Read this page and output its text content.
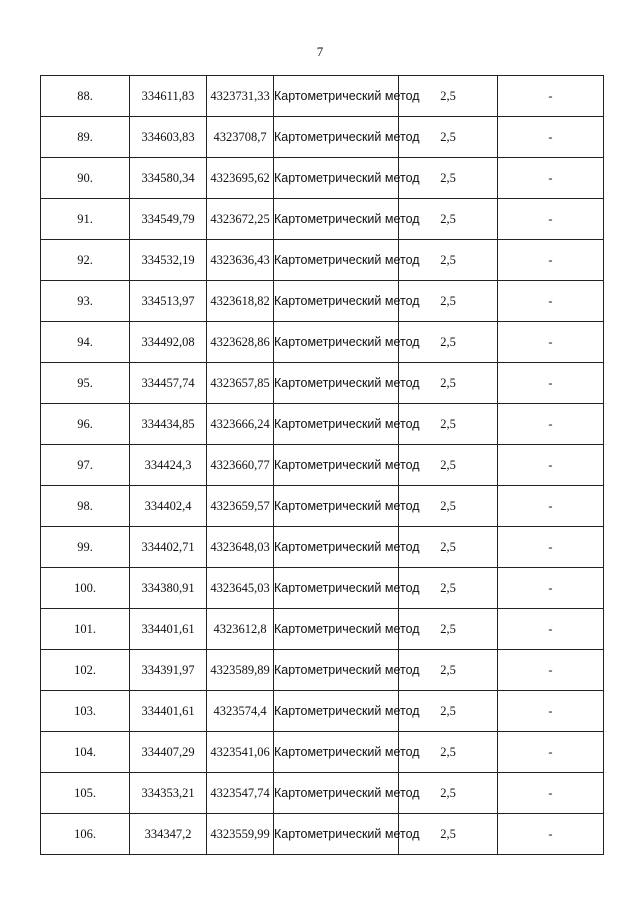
7
88.	334611,83	4323731,33	Картометрический метод	2,5	-
89.	334603,83	4323708,7	Картометрический метод	2,5	-
90.	334580,34	4323695,62	Картометрический метод	2,5	-
91.	334549,79	4323672,25	Картометрический метод	2,5	-
92.	334532,19	4323636,43	Картометрический метод	2,5	-
93.	334513,97	4323618,82	Картометрический метод	2,5	-
94.	334492,08	4323628,86	Картометрический метод	2,5	-
95.	334457,74	4323657,85	Картометрический метод	2,5	-
96.	334434,85	4323666,24	Картометрический метод	2,5	-
97.	334424,3	4323660,77	Картометрический метод	2,5	-
98.	334402,4	4323659,57	Картометрический метод	2,5	-
99.	334402,71	4323648,03	Картометрический метод	2,5	-
100.	334380,91	4323645,03	Картометрический метод	2,5	-
101.	334401,61	4323612,8	Картометрический метод	2,5	-
102.	334391,97	4323589,89	Картометрический метод	2,5	-
103.	334401,61	4323574,4	Картометрический метод	2,5	-
104.	334407,29	4323541,06	Картометрический метод	2,5	-
105.	334353,21	4323547,74	Картометрический метод	2,5	-
106.	334347,2	4323559,99	Картометрический метод	2,5	-
